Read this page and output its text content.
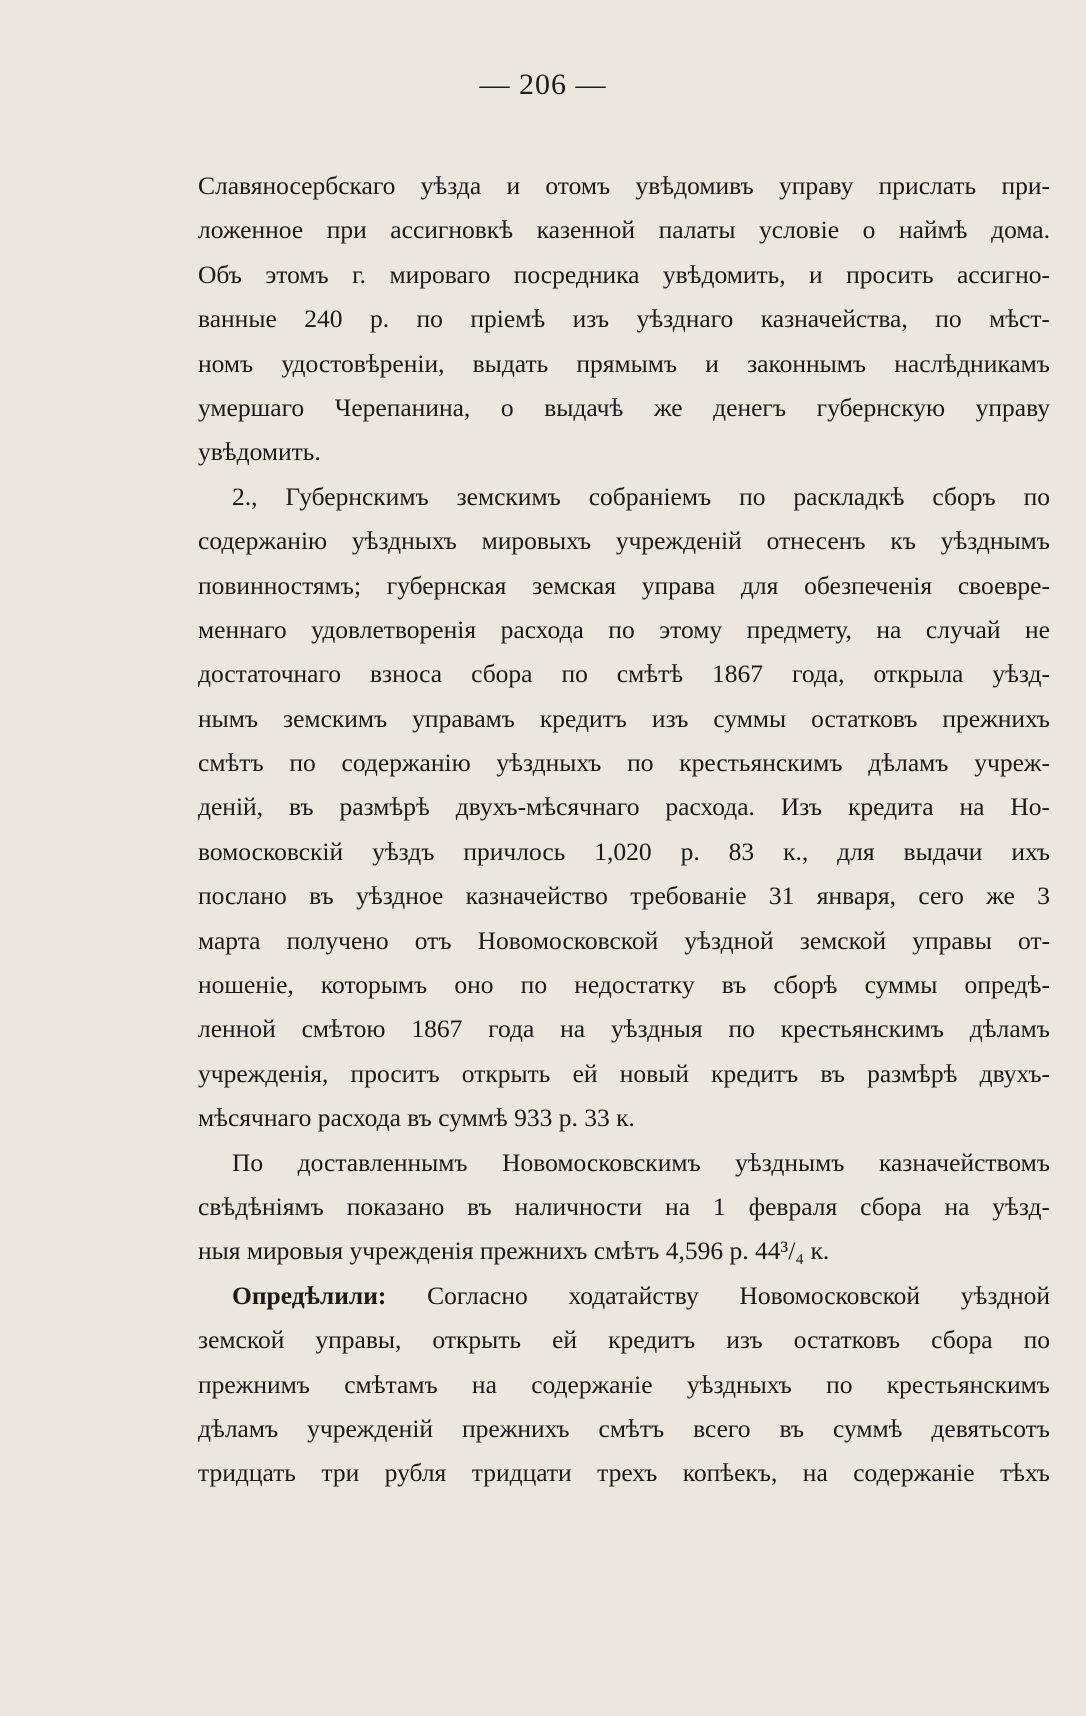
— 206 —
Славяносербскаго уѣзда и отомъ увѣдомивъ управу прислать при-
ложенное при ассигновкѣ казенной палаты условіе о наймѣ дома.
Объ этомъ г. мироваго посредника увѣдомить, и просить ассигно-
ванные 240 р. по пріемѣ изъ уѣзднаго казначейства, по мѣст-
номъ удостовѣреніи, выдать прямымъ и законнымъ наслѣдникамъ
умершаго Черепанина, о выдачѣ же денегъ губернскую управу
увѣдомить.
2., Губернскимъ земскимъ собраніемъ по раскладкѣ сборъ по
содержанію уѣздныхъ мировыхъ учрежденій отнесенъ къ уѣзднымъ
повинностямъ; губернская земская управа для обезпеченія своевре-
меннаго удовлетворенія расхода по этому предмету, на случай не
достаточнаго взноса сбора по смѣтѣ 1867 года, открыла уѣзд-
нымъ земскимъ управамъ кредитъ изъ суммы остатковъ прежнихъ
смѣтъ по содержанію уѣздныхъ по крестьянскимъ дѣламъ учреж-
деній, въ размѣрѣ двухъ-мѣсячнаго расхода. Изъ кредита на Но-
вомосковскій уѣздъ причлось 1,020 р. 83 к., для выдачи ихъ
послано въ уѣздное казначейство требованіе 31 января, сего же 3
марта получено отъ Новомосковской уѣздной земской управы от-
ношеніе, которымъ оно по недостатку въ сборѣ суммы опредѣ-
ленной смѣтою 1867 года на уѣздныя по крестьянскимъ дѣламъ
учрежденія, проситъ открыть ей новый кредитъ въ размѣрѣ двухъ-
мѣсячнаго расхода въ суммѣ 933 р. 33 к.
По доставленнымъ Новомосковскимъ уѣзднымъ казначействомъ
свѣдѣніямъ показано въ наличности на 1 февраля сбора на уѣзд-
ныя мировыя учрежденія прежнихъ смѣтъ 4,596 р. 44³/₄ к.
Опредѣлили: Согласно ходатайству Новомосковской уѣздной
земской управы, открыть ей кредитъ изъ остатковъ сбора по
прежнимъ смѣтамъ на содержаніе уѣздныхъ по крестьянскимъ
дѣламъ учрежденій прежнихъ смѣтъ всего въ суммѣ девятьсотъ
тридцать три рубля тридцати трехъ копѣекъ, на содержаніе тѣхъ
